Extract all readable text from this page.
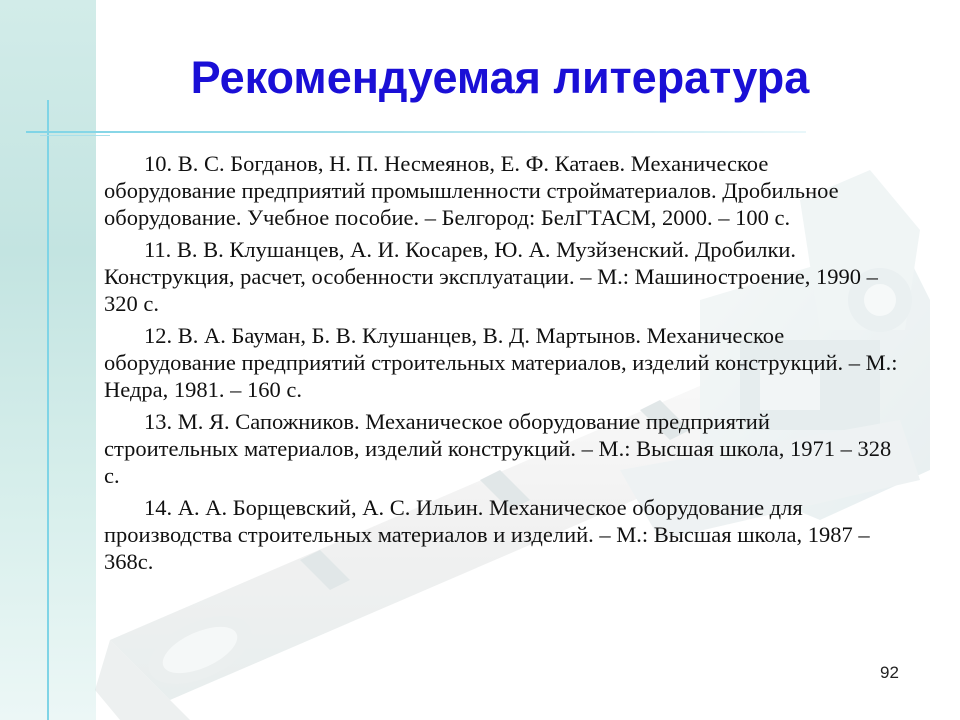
Рекомендуемая литература

10. В. С. Богданов, Н. П. Несмеянов, Е. Ф. Катаев. Механическое оборудование предприятий промышленности стройматериалов. Дробильное оборудование. Учебное пособие. – Белгород: БелГТАСМ, 2000. – 100 с.

11. В. В. Клушанцев, А. И. Косарев, Ю. А. Музйзенский. Дробилки. Конструкция, расчет, особенности эксплуатации. – М.: Машиностроение, 1990 – 320 с.

12. В. А. Бауман, Б. В. Клушанцев, В. Д. Мартынов. Механическое оборудование предприятий строительных материалов, изделий конструкций. – М.: Недра, 1981. – 160 с.

13. М. Я. Сапожников. Механическое оборудование предприятий строительных материалов, изделий конструкций. – М.: Высшая школа, 1971 – 328 с.

14. А. А. Борщевский, А. С. Ильин. Механическое оборудование для производства строительных материалов и изделий. – М.: Высшая школа, 1987 – 368с.

92
